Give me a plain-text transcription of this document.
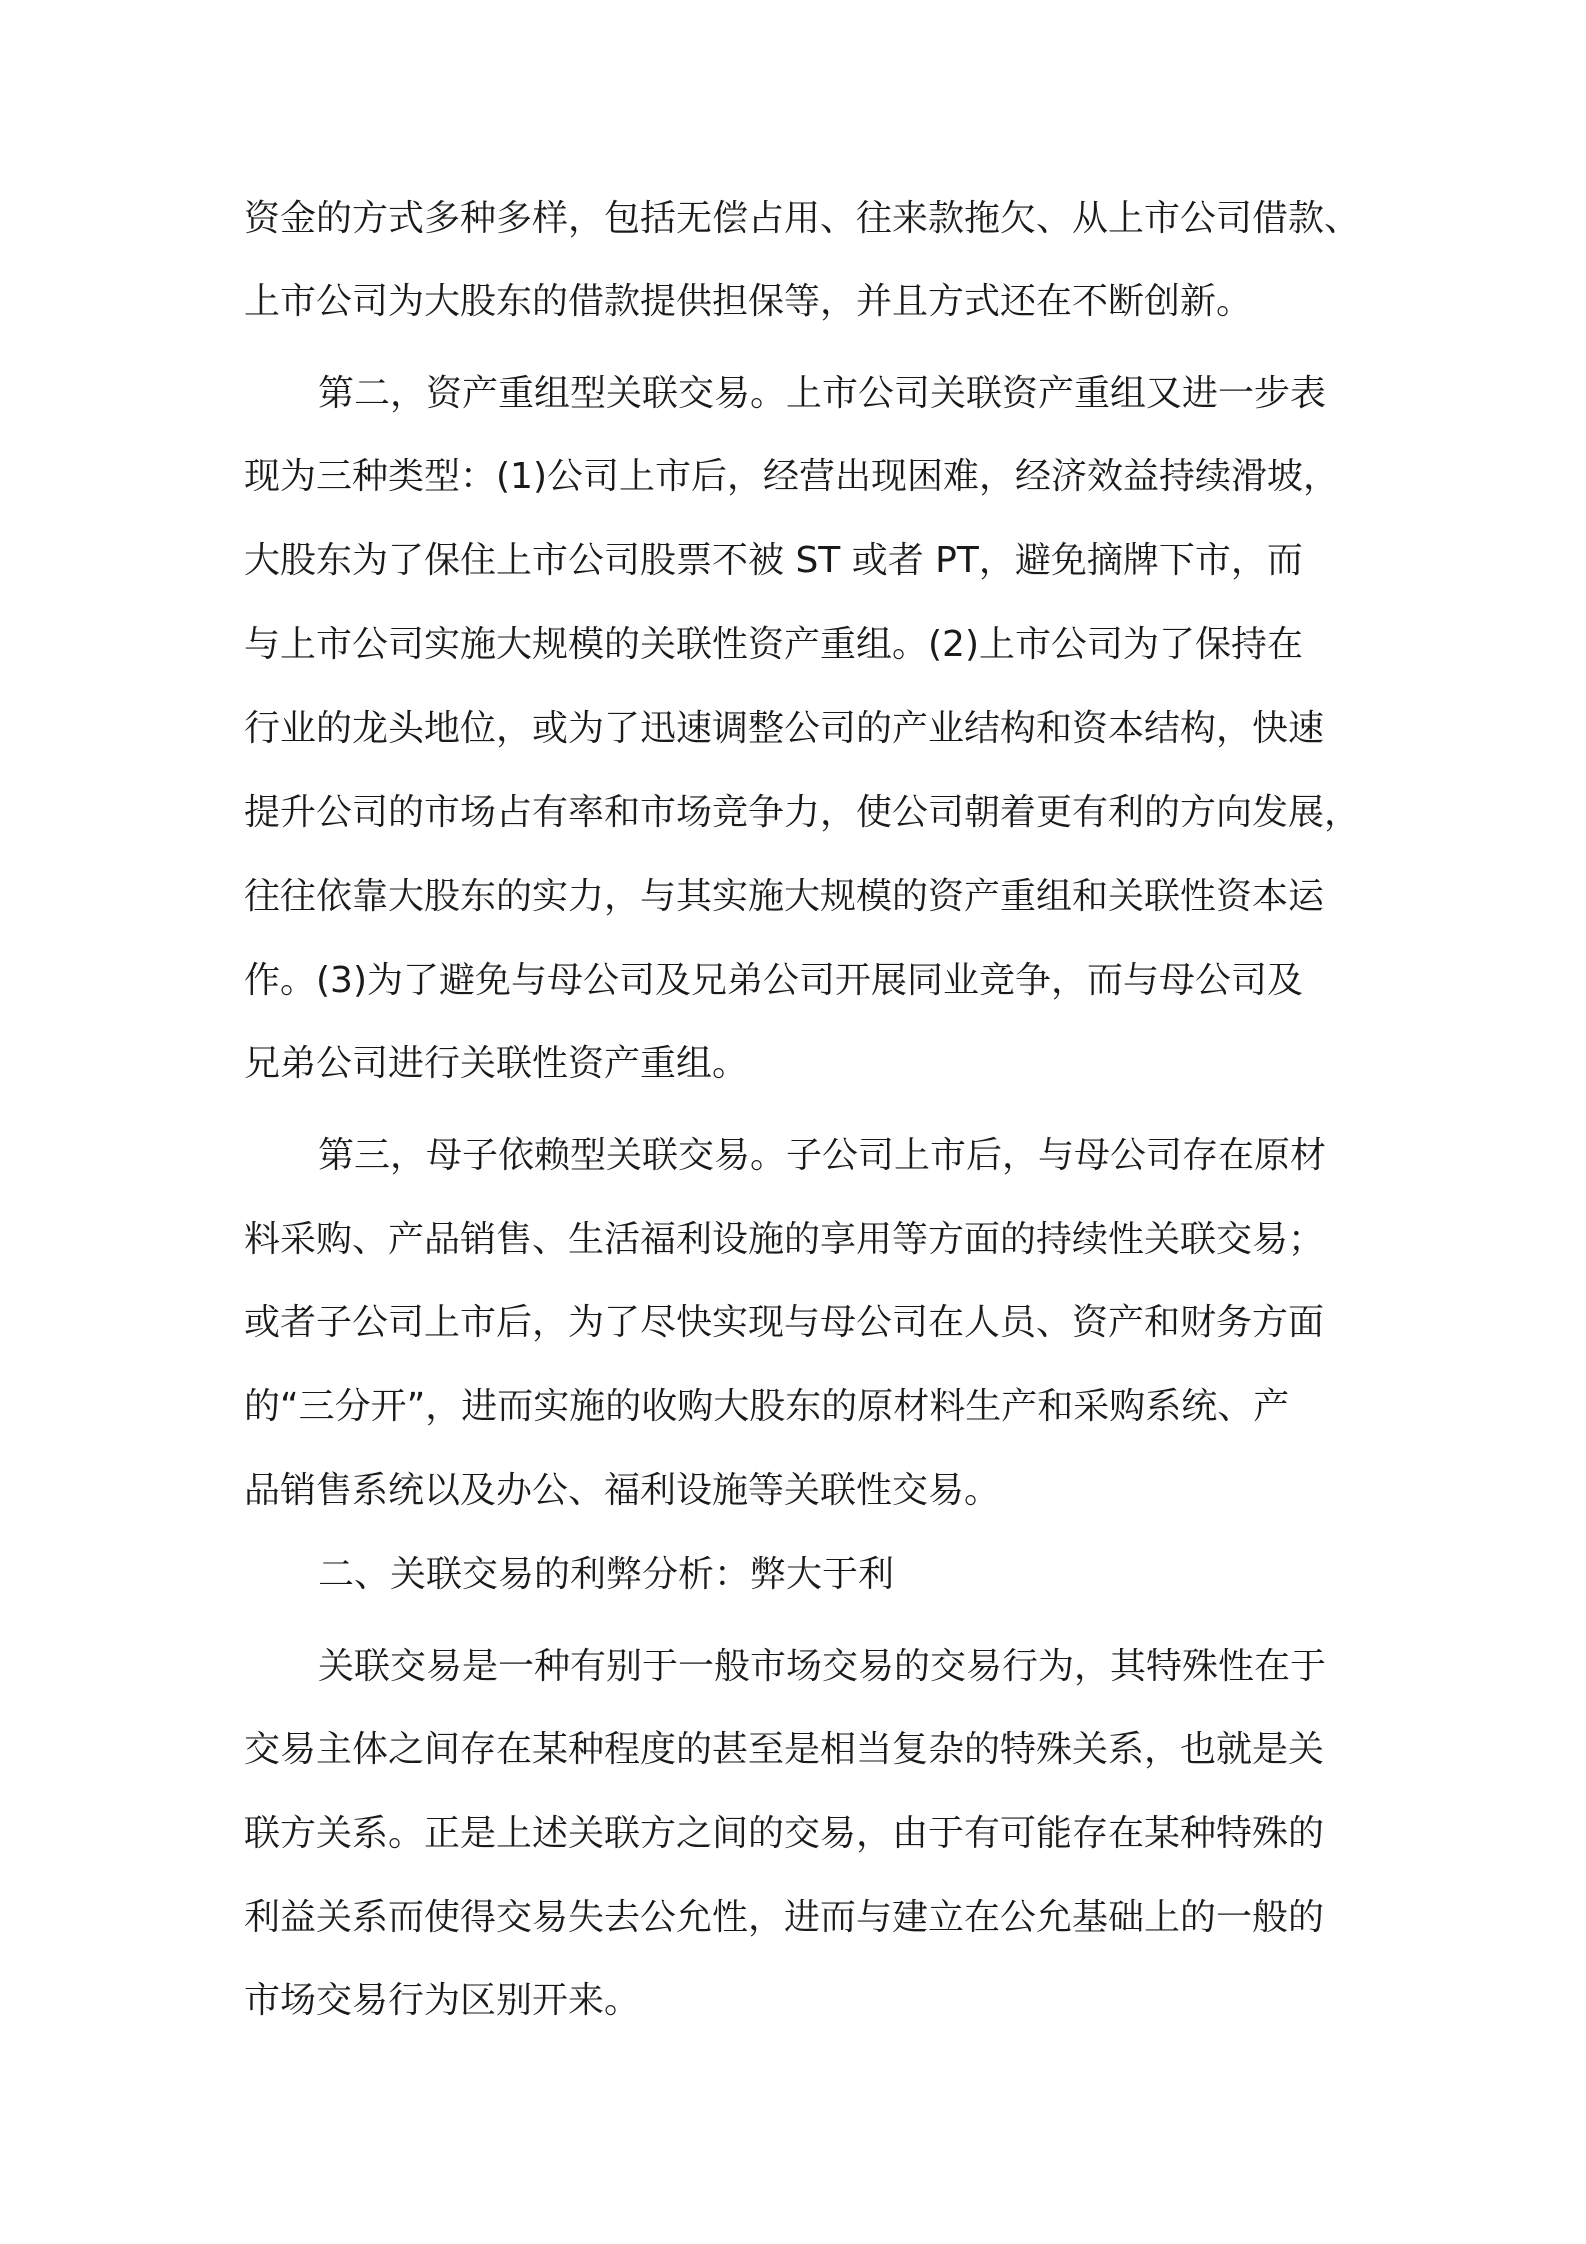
资金的方式多种多样，包括无偿占用、往来款拖欠、从上市公司借款、

上市公司为大股东的借款提供担保等，并且方式还在不断创新。

第二，资产重组型关联交易。上市公司关联资产重组又进一步表

现为三种类型：(1)公司上市后，经营出现困难，经济效益持续滑坡，

大股东为了保住上市公司股票不被 ST 或者 PT，避免摘牌下市，而

与上市公司实施大规模的关联性资产重组。(2)上市公司为了保持在

行业的龙头地位，或为了迅速调整公司的产业结构和资本结构，快速

提升公司的市场占有率和市场竞争力，使公司朝着更有利的方向发展，

往往依靠大股东的实力，与其实施大规模的资产重组和关联性资本运

作。(3)为了避免与母公司及兄弟公司开展同业竞争，而与母公司及

兄弟公司进行关联性资产重组。

第三，母子依赖型关联交易。子公司上市后，与母公司存在原材

料采购、产品销售、生活福利设施的享用等方面的持续性关联交易；

或者子公司上市后，为了尽快实现与母公司在人员、资产和财务方面

的“三分开”，进而实施的收购大股东的原材料生产和采购系统、产

品销售系统以及办公、福利设施等关联性交易。

二、关联交易的利弊分析：弊大于利

关联交易是一种有别于一般市场交易的交易行为，其特殊性在于

交易主体之间存在某种程度的甚至是相当复杂的特殊关系，也就是关

联方关系。正是上述关联方之间的交易，由于有可能存在某种特殊的

利益关系而使得交易失去公允性，进而与建立在公允基础上的一般的

市场交易行为区别开来。
